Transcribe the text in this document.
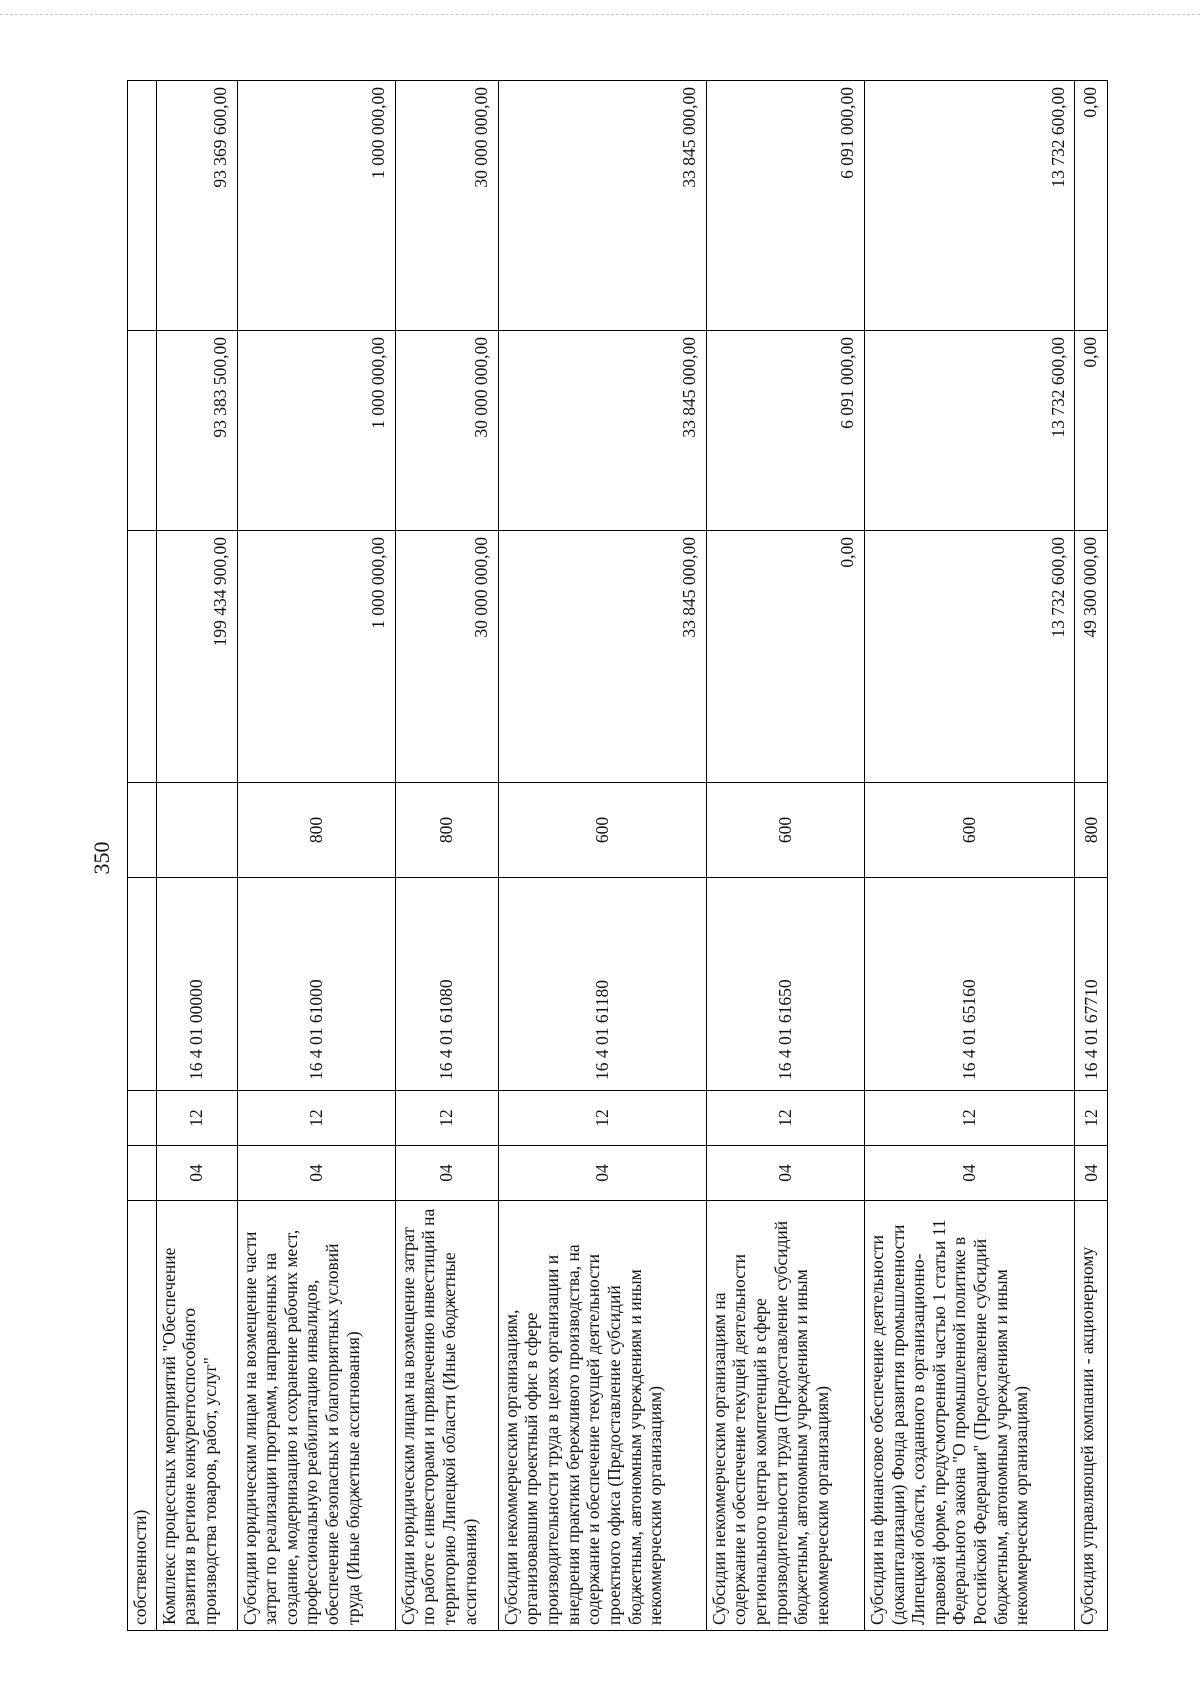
350
собственности)							
Комплекс процессных мероприятий "Обеспечение развития в регионе конкурентоспособного производства товаров, работ, услуг"	04	12	16 4 01 00000		199 434 900,00	93 383 500,00	93 369 600,00
Субсидии юридическим лицам на возмещение части затрат по реализации программ, направленных на создание, модернизацию и сохранение рабочих мест, профессиональную реабилитацию инвалидов, обеспечение безопасных и благоприятных условий труда (Иные бюджетные ассигнования)	04	12	16 4 01 61000	800	1 000 000,00	1 000 000,00	1 000 000,00
Субсидии юридическим лицам на возмещение затрат по работе с инвесторами и привлечению инвестиций на территорию Липецкой области (Иные бюджетные ассигнования)	04	12	16 4 01 61080	800	30 000 000,00	30 000 000,00	30 000 000,00
Субсидии некоммерческим организациям, организовавшим проектный офис в сфере производительности труда в целях организации и внедрения практики бережливого производства, на содержание и обеспечение текущей деятельности проектного офиса (Предоставление субсидий бюджетным, автономным учреждениям и иным некоммерческим организациям)	04	12	16 4 01 61180	600	33 845 000,00	33 845 000,00	33 845 000,00
Субсидии некоммерческим организациям на содержание и обеспечение текущей деятельности регионального центра компетенций в сфере производительности труда (Предоставление субсидий бюджетным, автономным учреждениям и иным некоммерческим организациям)	04	12	16 4 01 61650	600	0,00	6 091 000,00	6 091 000,00
Субсидии на финансовое обеспечение деятельности (докапитализации) Фонда развития промышленности Липецкой области, созданного в организационно-правовой форме, предусмотренной частью 1 статьи 11 Федерального закона "О промышленной политике в Российской Федерации" (Предоставление субсидий бюджетным, автономным учреждениям и иным некоммерческим организациям)	04	12	16 4 01 65160	600	13 732 600,00	13 732 600,00	13 732 600,00
Субсидия управляющей компании - акционерному	04	12	16 4 01 67710	800	49 300 000,00	0,00	0,00
